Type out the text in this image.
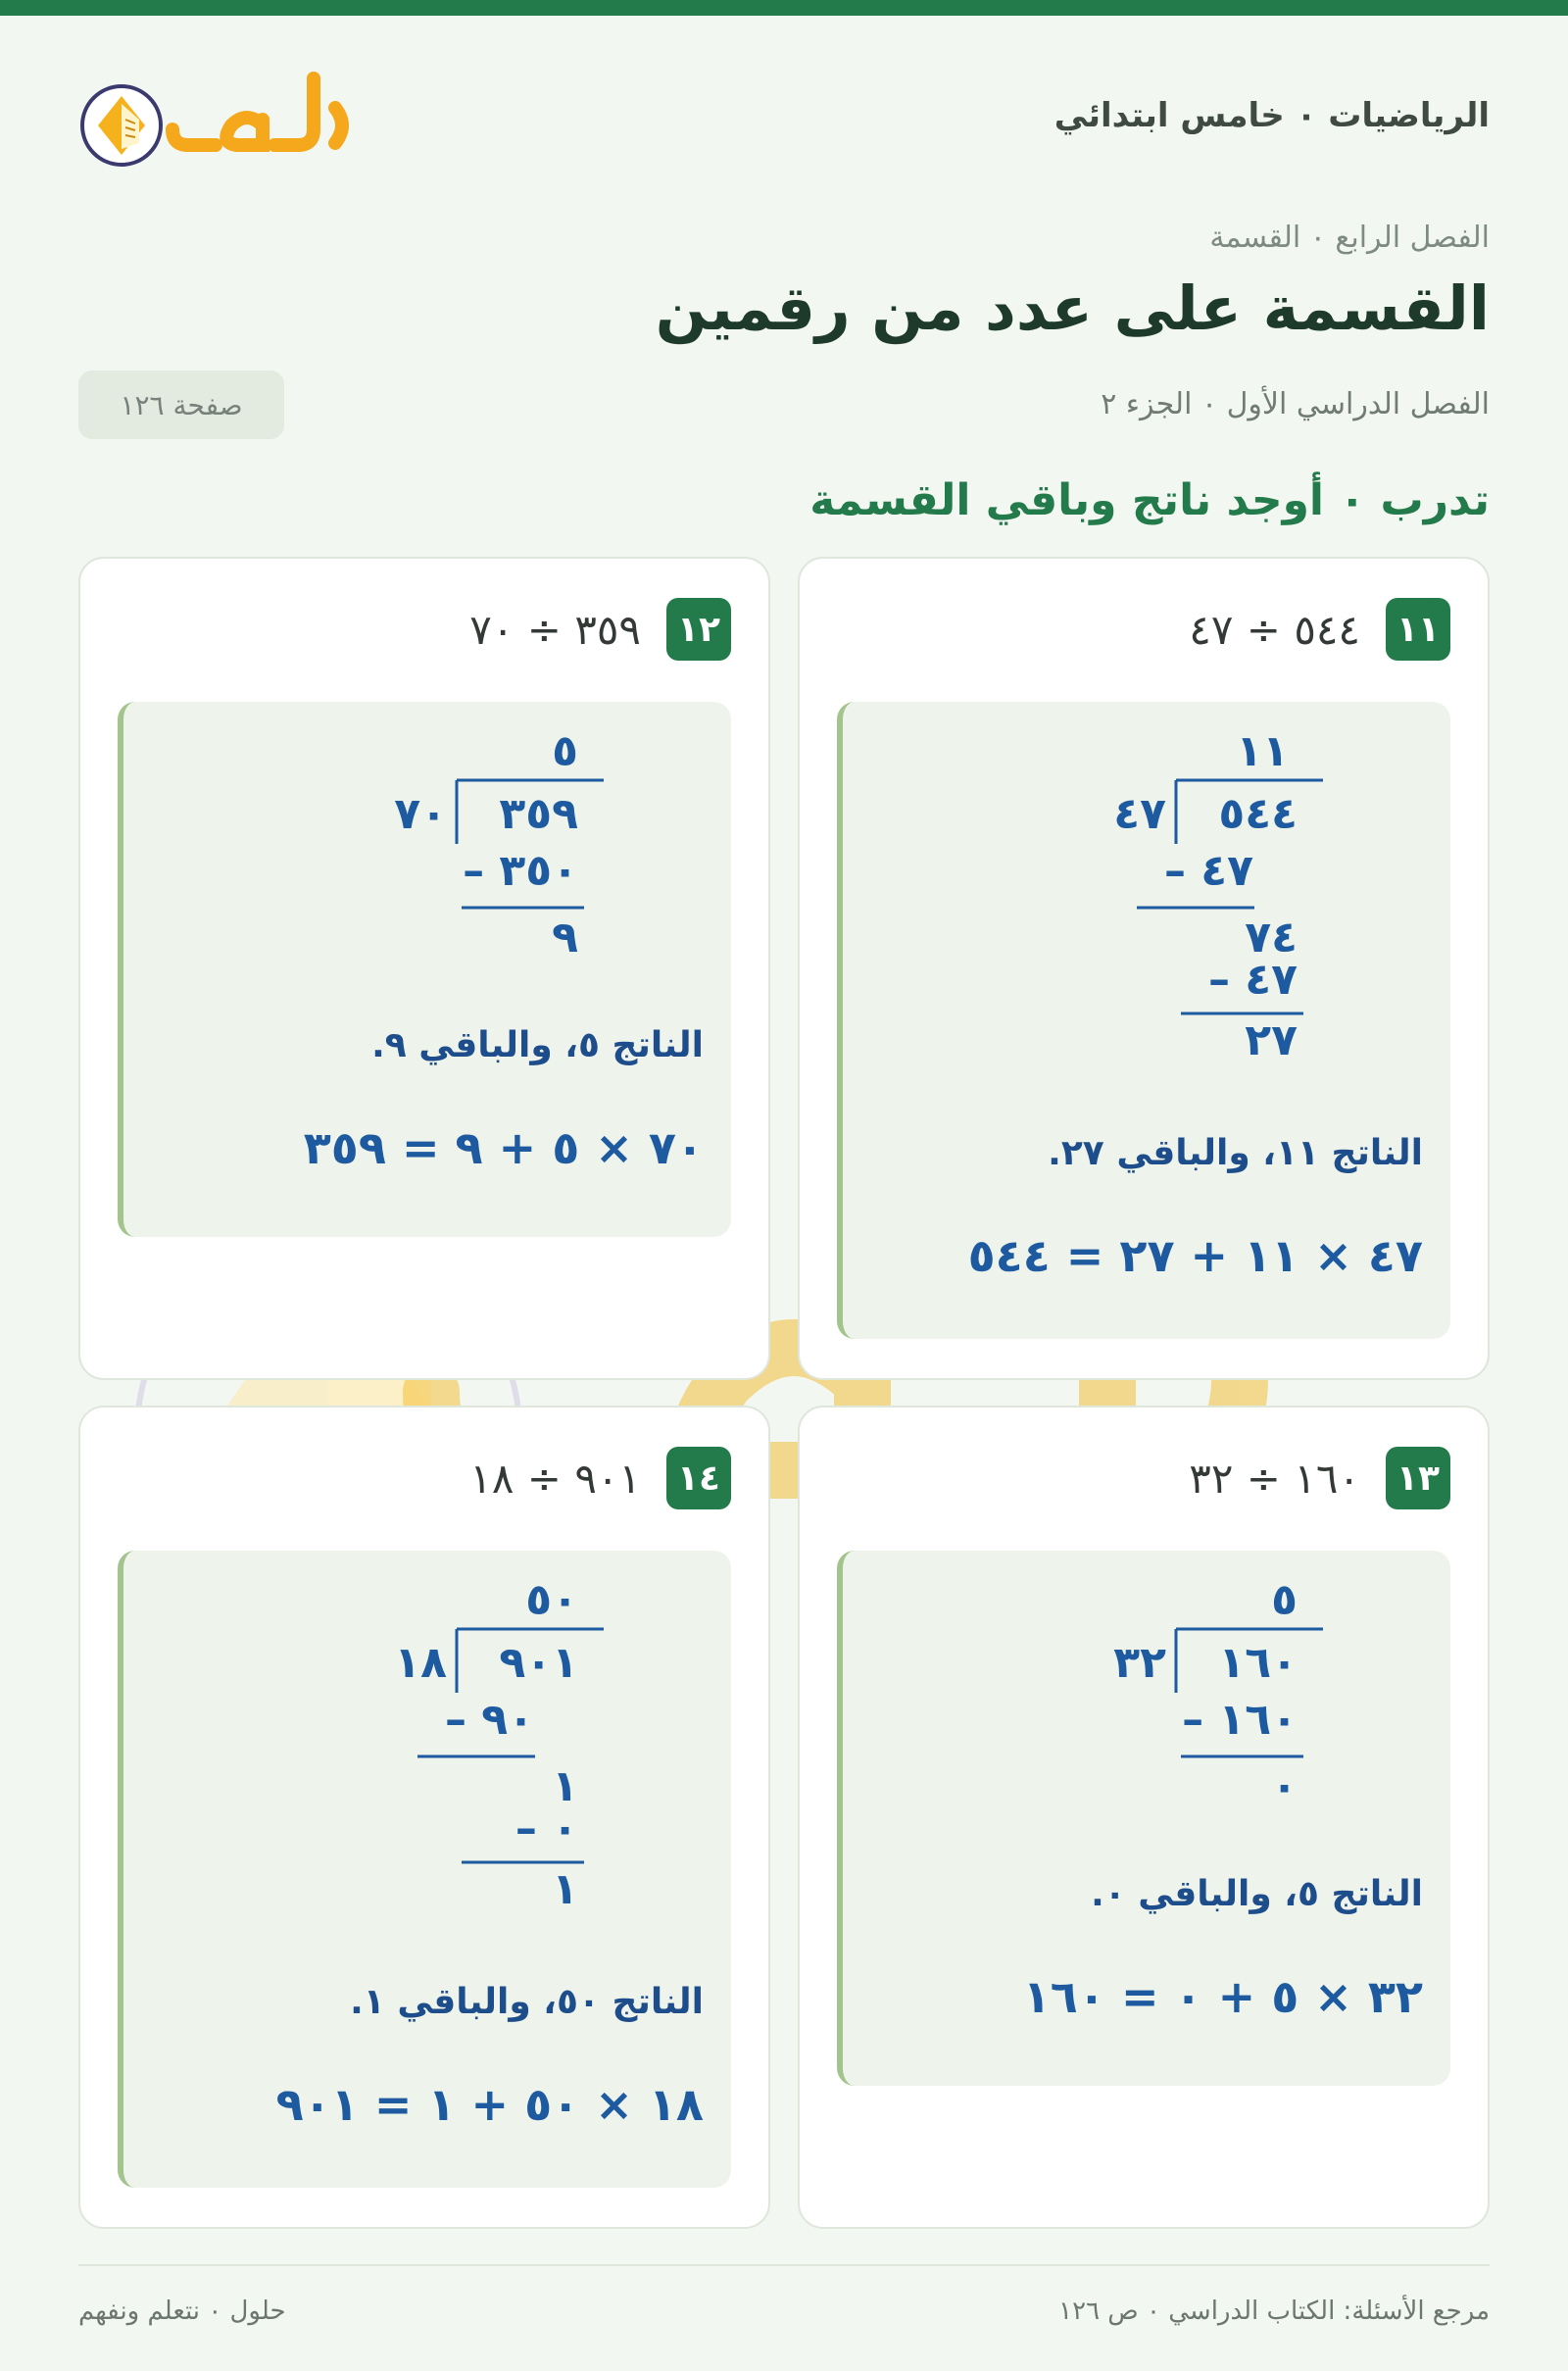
الرياضيات ٠ خامس ابتدائي
الفصل الرابع ٠ القسمة
القسمة على عدد من رقمين
الفصل الدراسي الأول ٠ الجزء ٢
صفحة ١٢٦
تدرب ٠ أوجد ناتج وباقي القسمة
١١
٥٤٤ ÷ ٤٧
١١
٤٧ ٥٤٤
– ٤٧
٧٤
– ٤٧
٢٧
الناتج ١١، والباقي ٢٧.
٤٧ × ١١ + ٢٧ = ٥٤٤
١٢
٣٥٩ ÷ ٧٠
٥
٧٠ ٣٥٩
– ٣٥٠
٩
الناتج ٥، والباقي ٩.
٧٠ × ٥ + ٩ = ٣٥٩
١٣
١٦٠ ÷ ٣٢
٥
٣٢ ١٦٠
– ١٦٠
٠
الناتج ٥، والباقي ٠.
٣٢ × ٥ + ٠ = ١٦٠
١٤
٩٠١ ÷ ١٨
٥٠
١٨ ٩٠١
– ٩٠
١
– ٠
١
الناتج ٥٠، والباقي ١.
١٨ × ٥٠ + ١ = ٩٠١
مرجع الأسئلة: الكتاب الدراسي ٠ ص ١٢٦
حلول ٠ نتعلم ونفهم
